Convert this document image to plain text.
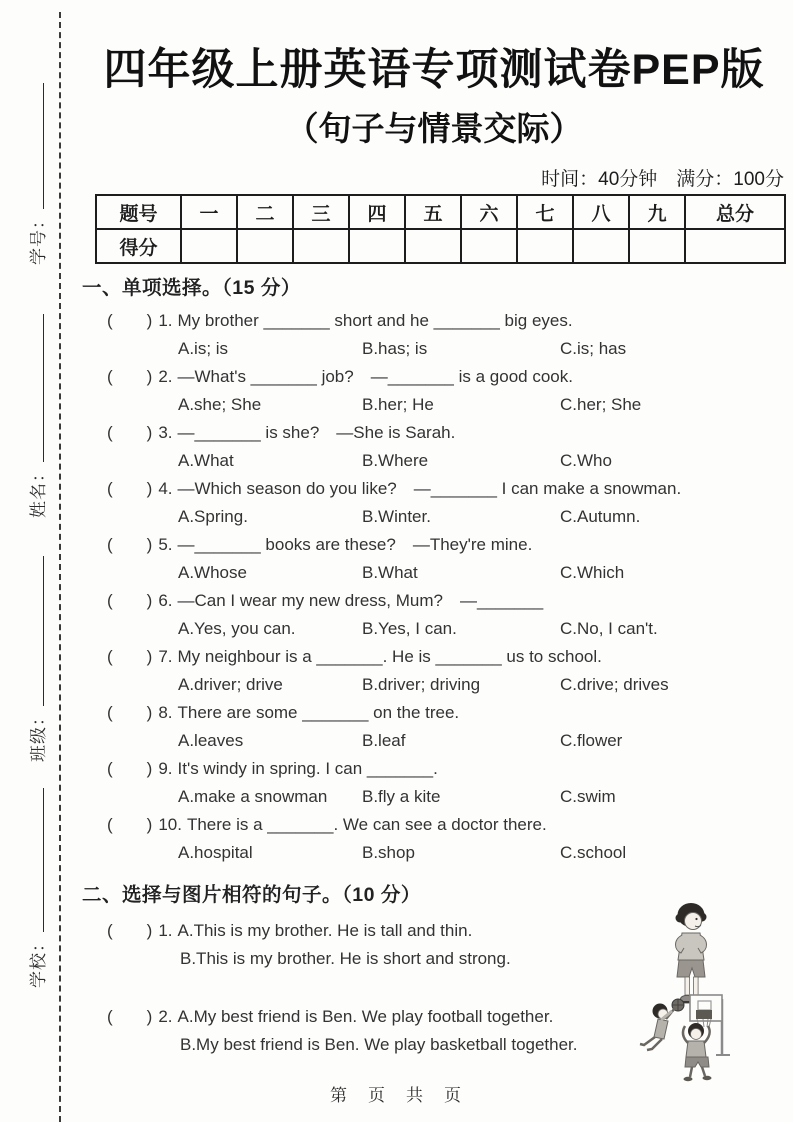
学号：
姓名：
班级：
学校：
四年级上册英语专项测试卷PEP版
（句子与情景交际）
时间：40分钟　满分：100分
题号	一	二	三	四	五	六	七	八	九	总分
得分										
一、单项选择。（15 分）
(　　) 1. My brother _______ short and he _______ big eyes.
A.is; is	B.has; is	C.is; has
(　　) 2. —What's _______ job?　—_______ is a good cook.
A.she; She	B.her; He	C.her; She
(　　) 3. —_______ is she?　—She is Sarah.
A.What	B.Where	C.Who
(　　) 4. —Which season do you like?　—_______ I can make a snowman.
A.Spring.	B.Winter.	C.Autumn.
(　　) 5. —_______ books are these?　—They're mine.
A.Whose	B.What	C.Which
(　　) 6. —Can I wear my new dress, Mum?　—_______
A.Yes, you can.	B.Yes, I can.	C.No, I can't.
(　　) 7. My neighbour is a _______. He is _______ us to school.
A.driver; drive	B.driver; driving	C.drive; drives
(　　) 8. There are some _______ on the tree.
A.leaves	B.leaf	C.flower
(　　) 9. It's windy in spring. I can _______.
A.make a snowman	B.fly a kite	C.swim
(　　) 10. There is a _______. We can see a doctor there.
A.hospital	B.shop	C.school
二、选择与图片相符的句子。（10 分）
(　　) 1. A.This is my brother. He is tall and thin.
B.This is my brother. He is short and strong.
(　　) 2. A.My best friend is Ben. We play football together.
B.My best friend is Ben. We play basketball together.
第　页　共　页
